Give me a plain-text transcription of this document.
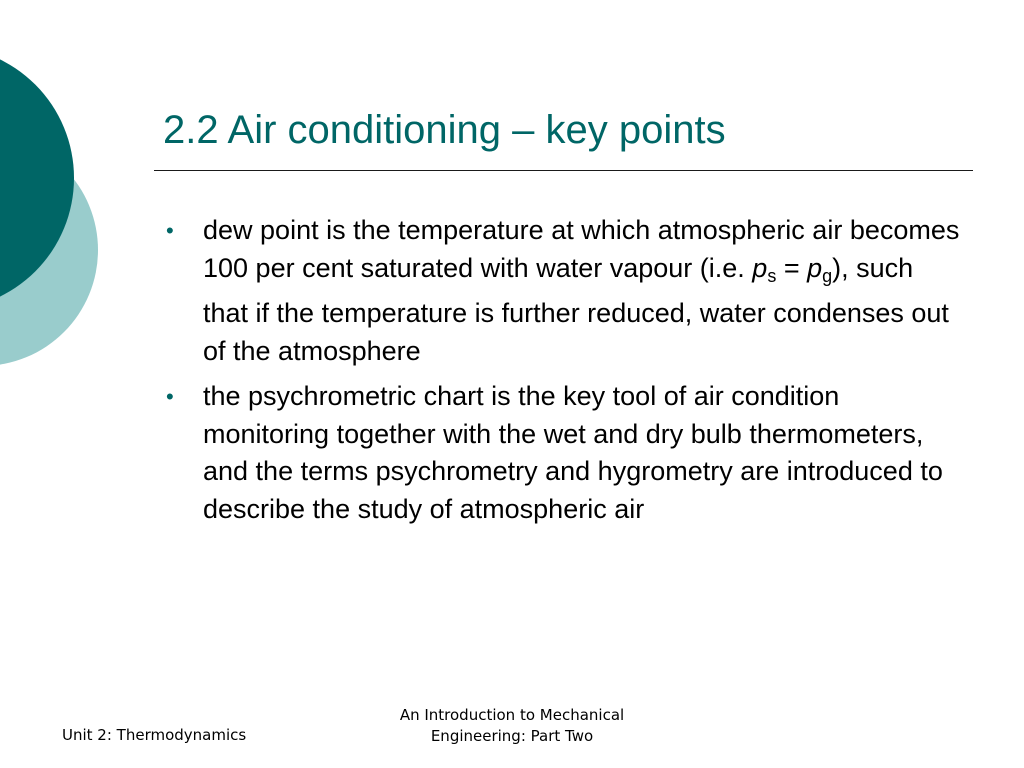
2.2 Air conditioning – key points
• dew point is the temperature at which atmospheric air becomes 100 per cent saturated with water vapour (i.e. $p_s = p_g$), such that if the temperature is further reduced, water condenses out of the atmosphere
• the psychrometric chart is the key tool of air condition monitoring together with the wet and dry bulb thermometers, and the terms psychrometry and hygrometry are introduced to describe the study of atmospheric air
Unit 2: Thermodynamics
An Introduction to Mechanical
Engineering: Part Two
